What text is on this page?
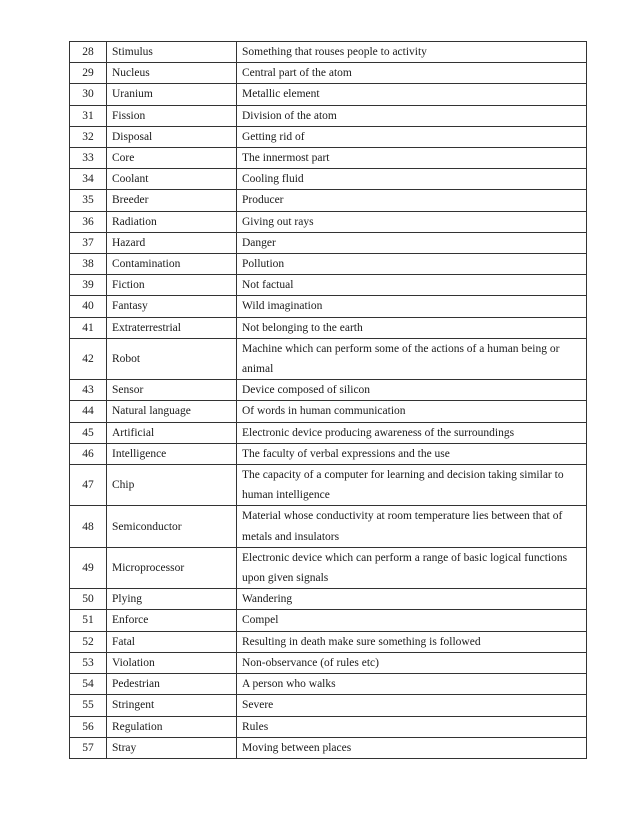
28	Stimulus	Something that rouses people to activity
29	Nucleus	Central part of the atom
30	Uranium	Metallic element
31	Fission	Division of the atom
32	Disposal	Getting rid of
33	Core	The innermost part
34	Coolant	Cooling fluid
35	Breeder	Producer
36	Radiation	Giving out rays
37	Hazard	Danger
38	Contamination	Pollution
39	Fiction	Not factual
40	Fantasy	Wild imagination
41	Extraterrestrial	Not belonging to the earth
42	Robot	Machine which can perform some of the actions of a human being or animal
43	Sensor	Device composed of silicon
44	Natural language	Of words in human communication
45	Artificial	Electronic device producing awareness of the surroundings
46	Intelligence	The faculty of verbal expressions and the use
47	Chip	The capacity of a computer for learning and decision taking similar to human intelligence
48	Semiconductor	Material whose conductivity at room temperature lies between that of metals and insulators
49	Microprocessor	Electronic device which can perform a range of basic logical functions upon given signals
50	Plying	Wandering
51	Enforce	Compel
52	Fatal	Resulting in death make sure something is followed
53	Violation	Non-observance (of rules etc)
54	Pedestrian	A person who walks
55	Stringent	Severe
56	Regulation	Rules
57	Stray	Moving between places
